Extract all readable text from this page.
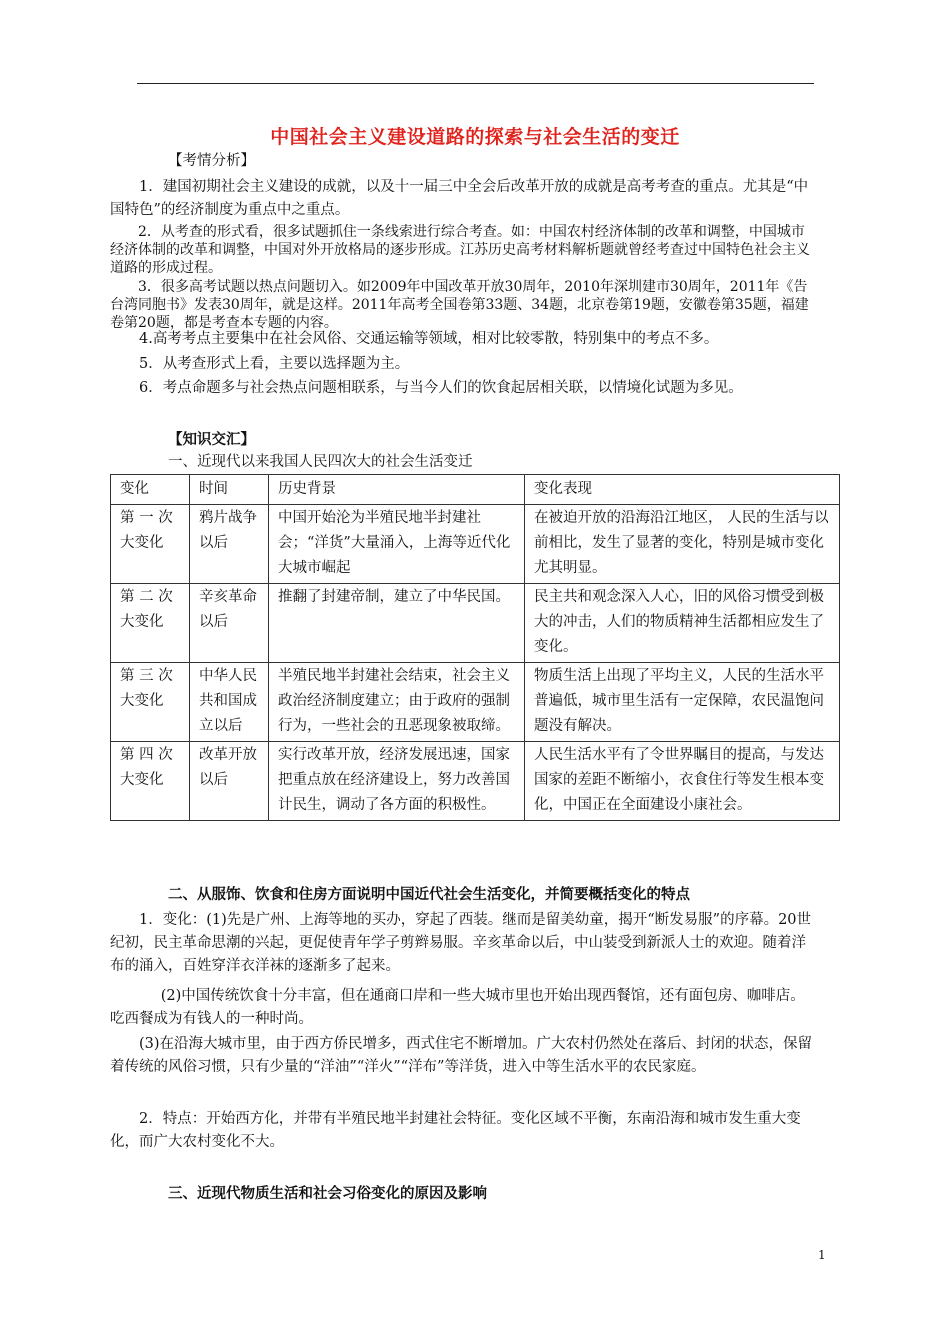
中国社会主义建设道路的探索与社会生活的变迁

【考情分析】

1．建国初期社会主义建设的成就，以及十一届三中全会后改革开放的成就是高考考查的重点。尤其是“中国特色”的经济制度为重点中之重点。

2．从考查的形式看，很多试题抓住一条线索进行综合考查。如：中国农村经济体制的改革和调整，中国城市经济体制的改革和调整，中国对外开放格局的逐步形成。江苏历史高考材料解析题就曾经考查过中国特色社会主义道路的形成过程。

3．很多高考试题以热点问题切入。如2009年中国改革开放30周年，2010年深圳建市30周年，2011年《告台湾同胞书》发表30周年，就是这样。2011年高考全国卷第33题、34题，北京卷第19题，安徽卷第35题，福建卷第20题，都是考查本专题的内容。

4.高考考点主要集中在社会风俗、交通运输等领域，相对比较零散，特别集中的考点不多。

5．从考查形式上看，主要以选择题为主。

6．考点命题多与社会热点问题相联系，与当今人们的饮食起居相关联，以情境化试题为多见。

【知识交汇】

一、近现代以来我国人民四次大的社会生活变迁

变化	时间	历史背景	变化表现
第 一 次大变化	鸦片战争以后	中国开始沦为半殖民地半封建社会；“洋货”大量涌入，上海等近代化大城市崛起	在被迫开放的沿海沿江地区， 人民的生活与以前相比，发生了显著的变化，特别是城市变化尤其明显。
第 二 次大变化	辛亥革命以后	推翻了封建帝制，建立了中华民国。	民主共和观念深入人心，旧的风俗习惯受到极大的冲击，人们的物质精神生活都相应发生了变化。
第 三 次大变化	中华人民共和国成立以后	半殖民地半封建社会结束，社会主义政治经济制度建立；由于政府的强制行为，一些社会的丑恶现象被取缔。	物质生活上出现了平均主义，人民的生活水平普遍低，城市里生活有一定保障，农民温饱问题没有解决。
第 四 次大变化	改革开放以后	实行改革开放，经济发展迅速，国家把重点放在经济建设上，努力改善国计民生，调动了各方面的积极性。	人民生活水平有了令世界瞩目的提高，与发达国家的差距不断缩小，衣食住行等发生根本变化，中国正在全面建设小康社会。

二、从服饰、饮食和住房方面说明中国近代社会生活变化，并简要概括变化的特点

1．变化：(1)先是广州、上海等地的买办，穿起了西装。继而是留美幼童，揭开“断发易服”的序幕。20世纪初，民主革命思潮的兴起，更促使青年学子剪辫易服。辛亥革命以后，中山装受到新派人士的欢迎。随着洋布的涌入，百姓穿洋衣洋袜的逐渐多了起来。

(2)中国传统饮食十分丰富，但在通商口岸和一些大城市里也开始出现西餐馆，还有面包房、咖啡店。吃西餐成为有钱人的一种时尚。

(3)在沿海大城市里，由于西方侨民增多，西式住宅不断增加。广大农村仍然处在落后、封闭的状态，保留着传统的风俗习惯，只有少量的“洋油”“洋火”“洋布”等洋货，进入中等生活水平的农民家庭。

2．特点：开始西方化，并带有半殖民地半封建社会特征。变化区域不平衡，东南沿海和城市发生重大变化，而广大农村变化不大。

三、近现代物质生活和社会习俗变化的原因及影响

1
